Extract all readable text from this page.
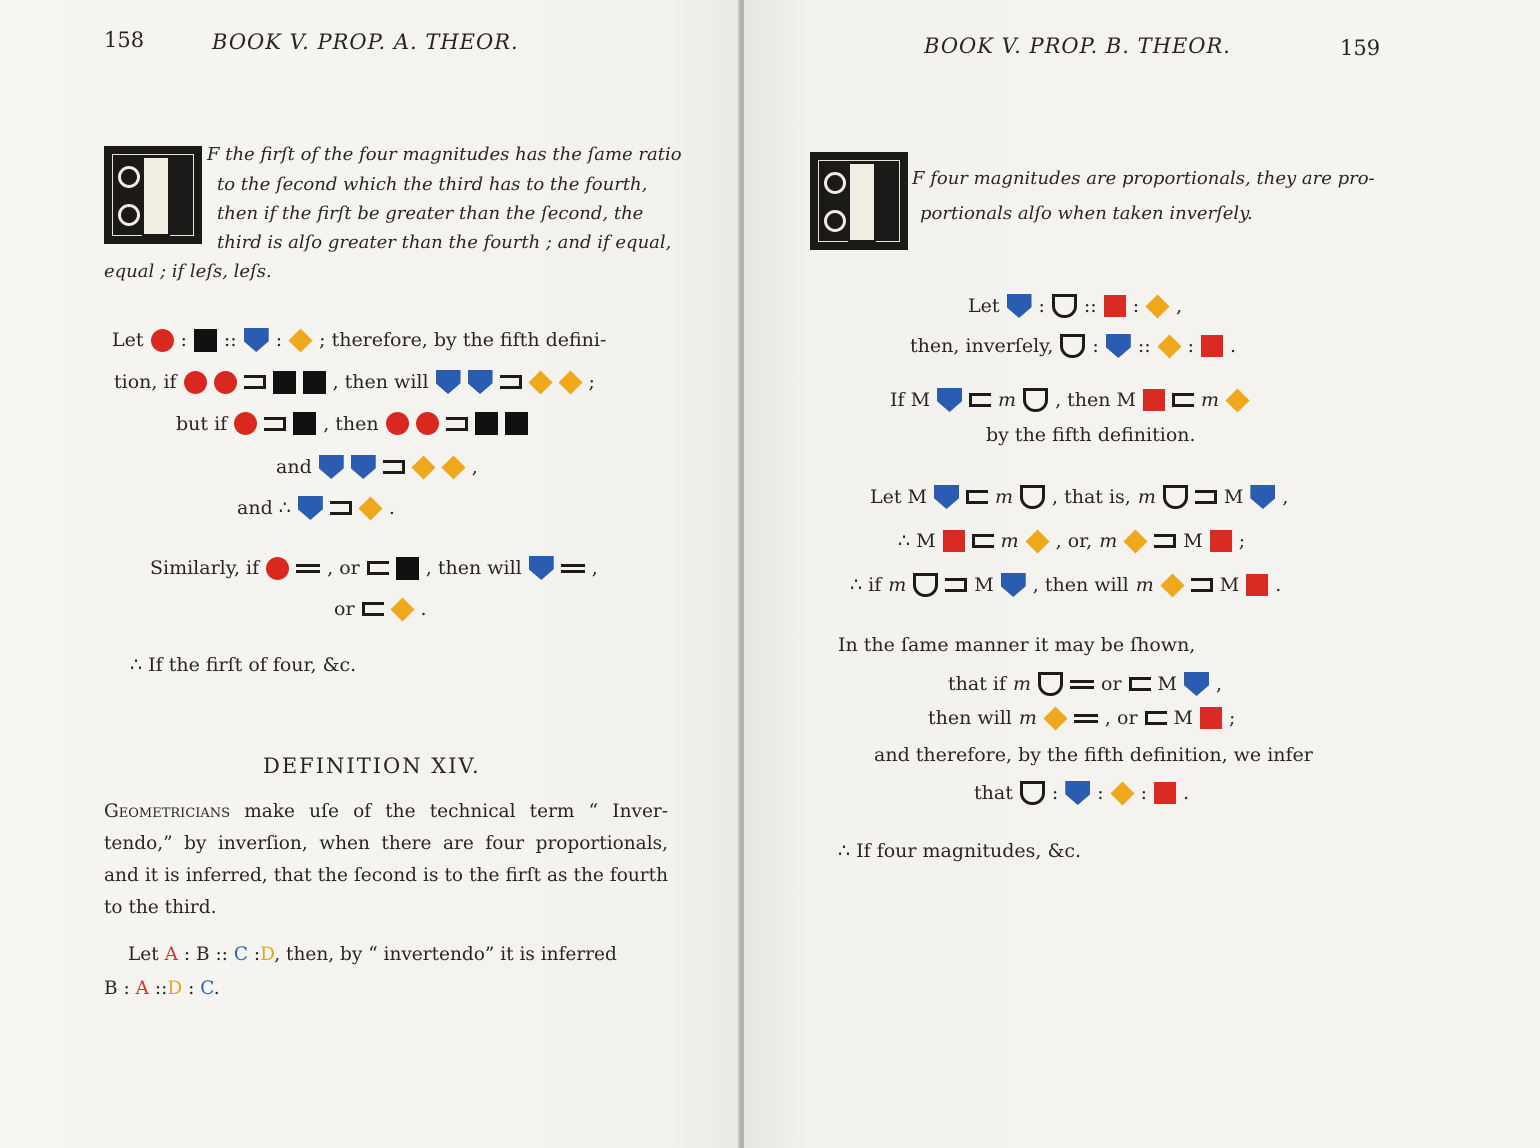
158	BOOK V. PROP. A. THEOR.
F the firſt of the four magnitudes has the ſame ratio
to the ſecond which the third has to the fourth,
then if the firſt be greater than the ſecond, the
third is alſo greater than the fourth ; and if equal,
equal ; if leſs, leſs.
Let : :: : ; therefore, by the fifth defini-
tion, if	, then will	;
but if	, then
and	,
and ∴	.
Similarly, if	, or	, then will	,
or	.
∴ If the firſt of four, &c.
DEFINITION XIV.
Geometricians make uſe of the technical term “ Inver-
tendo,” by inverſion, when there are four proportionals,
and it is inferred, that the ſecond is to the firſt as the fourth
to the third.
Let A : B :: C :D, then, by “ invertendo” it is inferred
B : A ::D : C.
BOOK V. PROP. B. THEOR.	159
F four magnitudes are proportionals, they are pro-
portionals alſo when taken inverſely.
Let : :: : ,
then, inverſely, : :: : .
If M	m , then M	m
by the fifth definition.
Let M	m , that is, m	M ,
∴ M	m , or, m	M ;
∴ if m	M , then will m	M .
In the ſame manner it may be ſhown,
that if m	or M ,
then will m	, or M ;
and therefore, by the fifth definition, we infer
that : : : .
∴ If four magnitudes, &c.
